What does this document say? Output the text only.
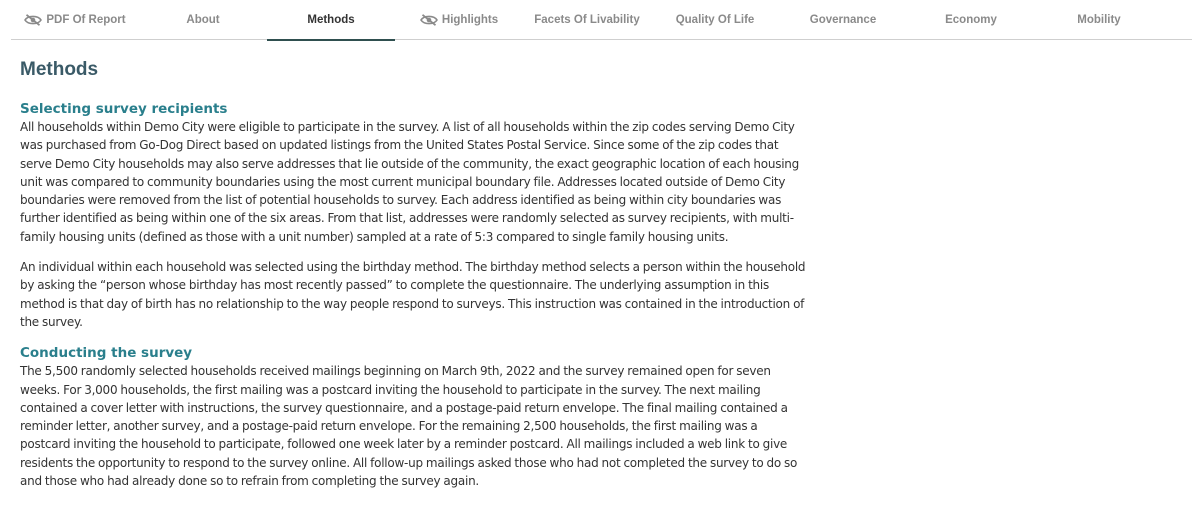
PDF Of Report	About	Methods	Highlights	Facets Of Livability	Quality Of Life	Governance	Economy	Mobility
Methods
Selecting survey recipients

All households within Demo City were eligible to participate in the survey. A list of all households within the zip codes serving Demo City was purchased from Go-Dog Direct based on updated listings from the United States Postal Service. Since some of the zip codes that serve Demo City households may also serve addresses that lie outside of the community, the exact geographic location of each housing unit was compared to community boundaries using the most current municipal boundary file. Addresses located outside of Demo City boundaries were removed from the list of potential households to survey. Each address identified as being within city boundaries was further identified as being within one of the six areas. From that list, addresses were randomly selected as survey recipients, with multi-family housing units (defined as those with a unit number) sampled at a rate of 5:3 compared to single family housing units.

An individual within each household was selected using the birthday method. The birthday method selects a person within the household by asking the “person whose birthday has most recently passed” to complete the questionnaire. The underlying assumption in this method is that day of birth has no relationship to the way people respond to surveys. This instruction was contained in the introduction of the survey.

Conducting the survey

The 5,500 randomly selected households received mailings beginning on March 9th, 2022 and the survey remained open for seven weeks. For 3,000 households, the first mailing was a postcard inviting the household to participate in the survey. The next mailing contained a cover letter with instructions, the survey questionnaire, and a postage-paid return envelope. The final mailing contained a reminder letter, another survey, and a postage-paid return envelope. For the remaining 2,500 households, the first mailing was a postcard inviting the household to participate, followed one week later by a reminder postcard. All mailings included a web link to give residents the opportunity to respond to the survey online. All follow-up mailings asked those who had not completed the survey to do so and those who had already done so to refrain from completing the survey again.
